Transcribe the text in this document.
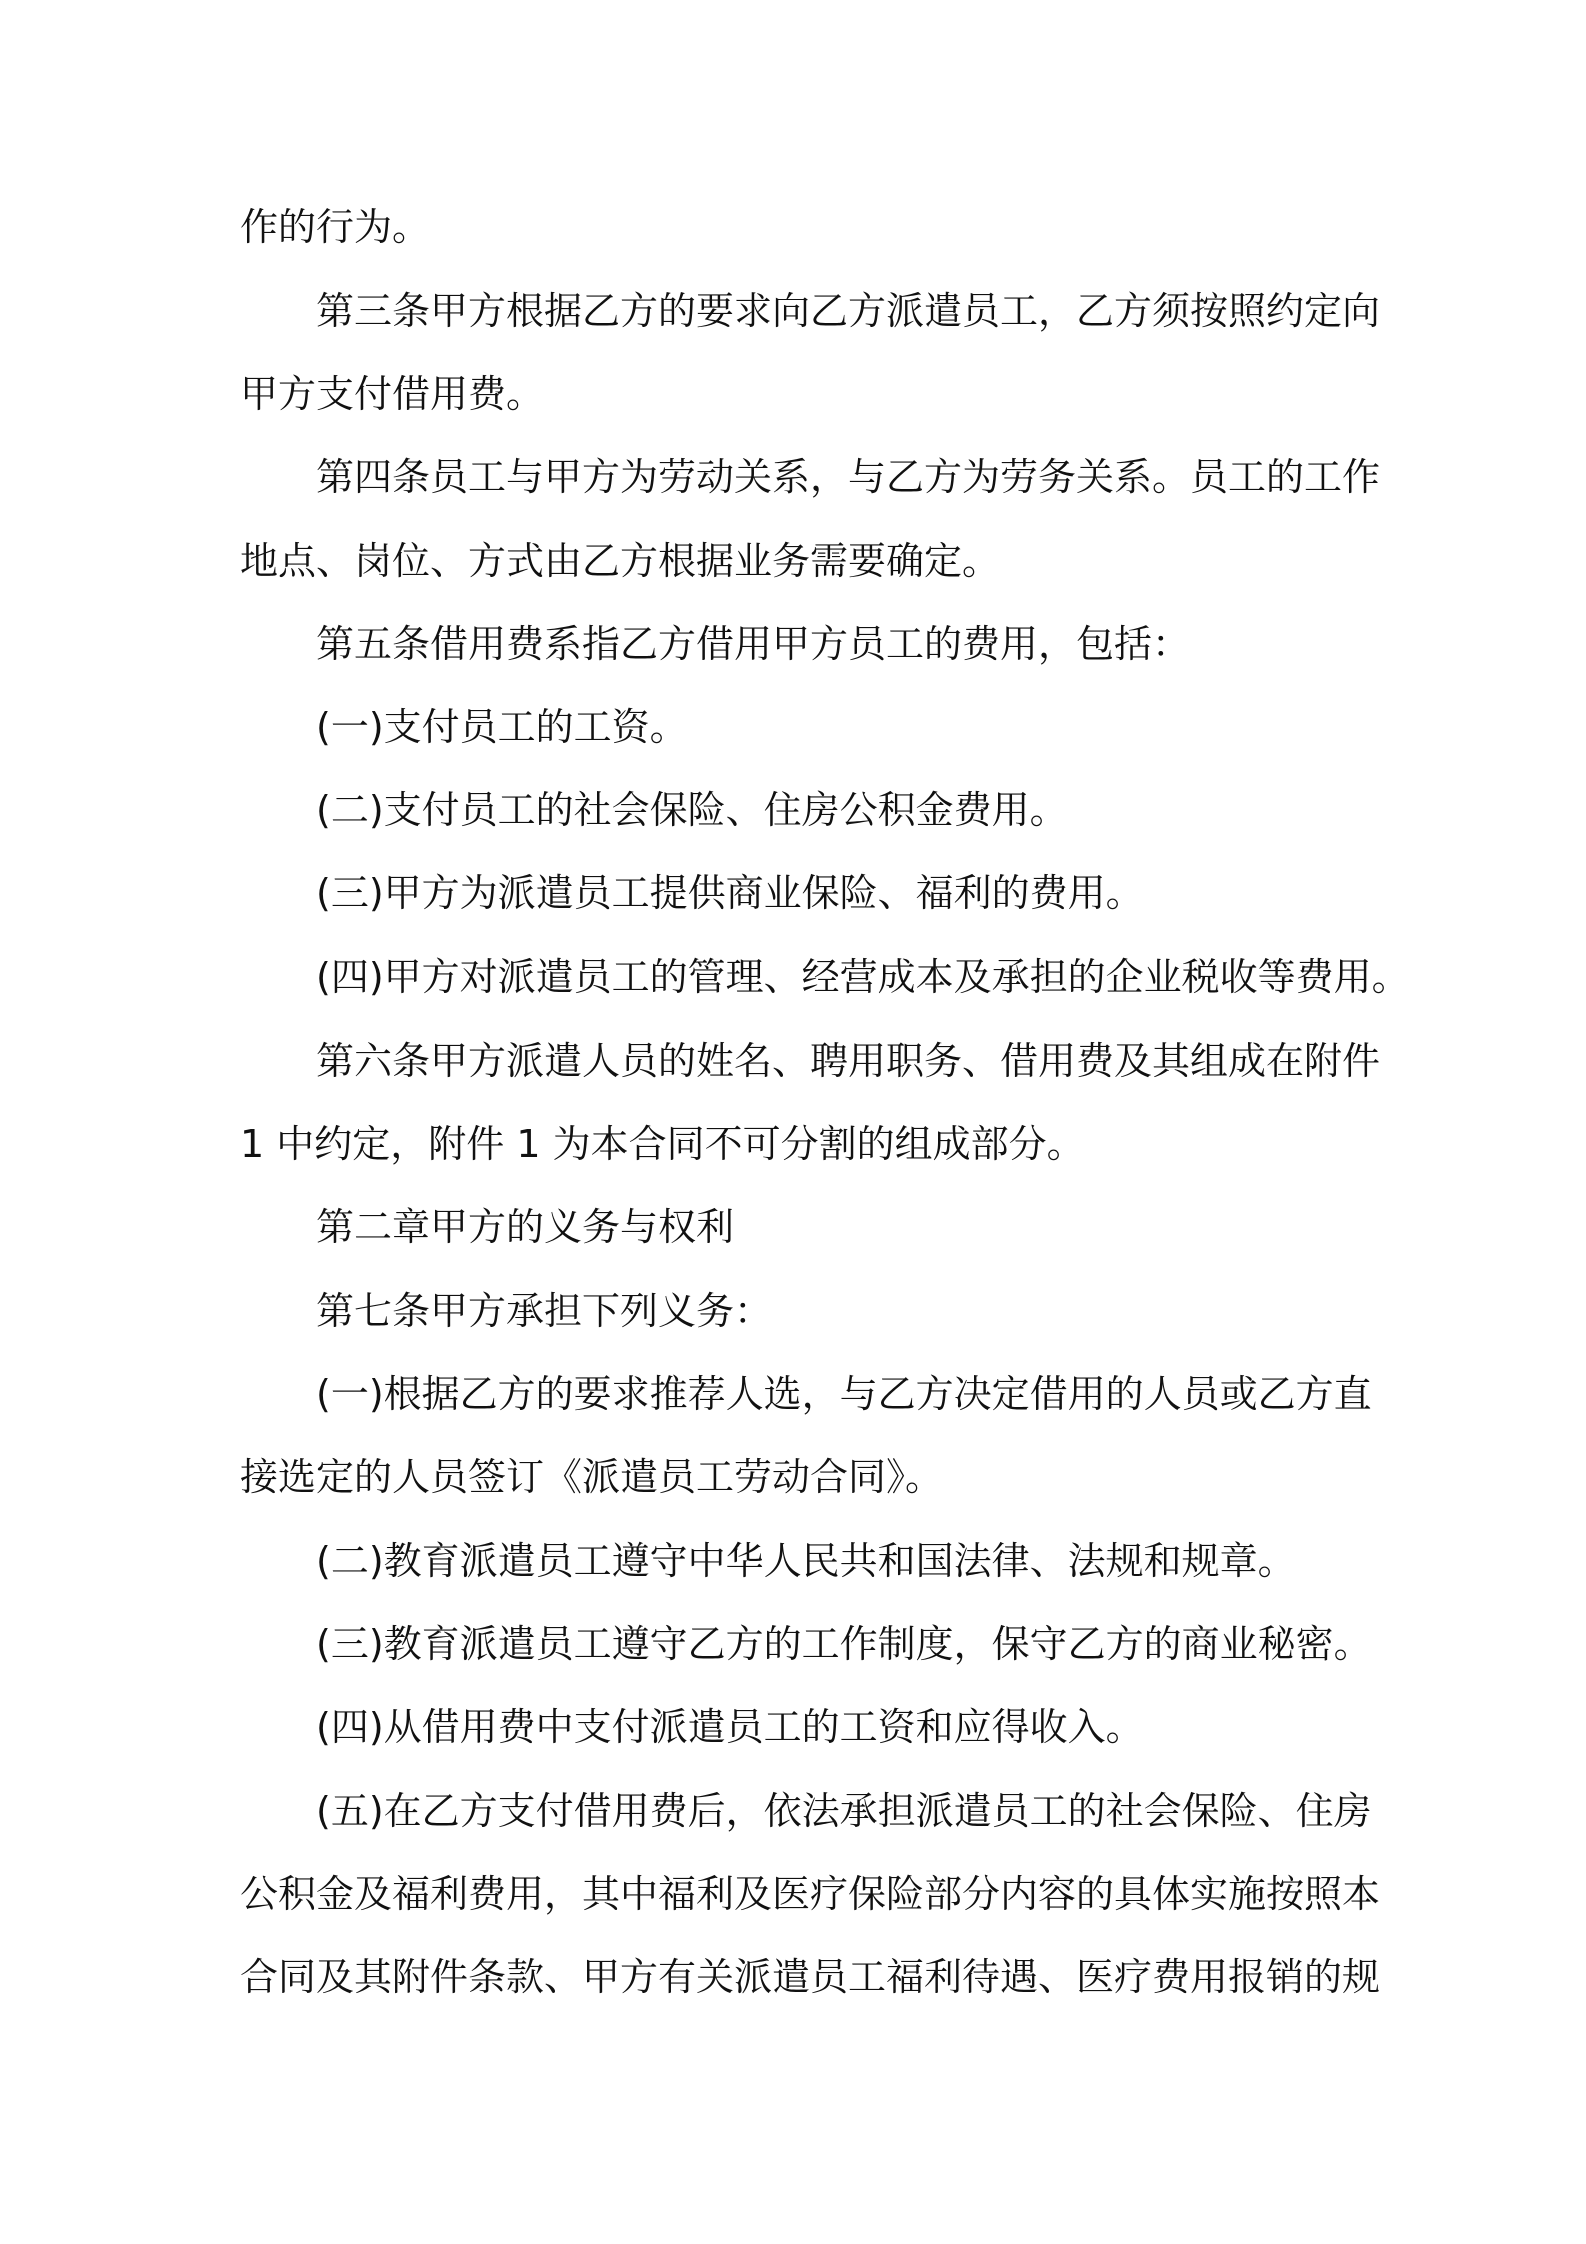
作的行为。
第三条甲方根据乙方的要求向乙方派遣员工，乙方须按照约定向
甲方支付借用费。
第四条员工与甲方为劳动关系，与乙方为劳务关系。员工的工作
地点、岗位、方式由乙方根据业务需要确定。
第五条借用费系指乙方借用甲方员工的费用，包括：
(一)支付员工的工资。
(二)支付员工的社会保险、住房公积金费用。
(三)甲方为派遣员工提供商业保险、福利的费用。
(四)甲方对派遣员工的管理、经营成本及承担的企业税收等费用。
第六条甲方派遣人员的姓名、聘用职务、借用费及其组成在附件
1 中约定，附件 1 为本合同不可分割的组成部分。
第二章甲方的义务与权利
第七条甲方承担下列义务：
(一)根据乙方的要求推荐人选，与乙方决定借用的人员或乙方直
接选定的人员签订《派遣员工劳动合同》。
(二)教育派遣员工遵守中华人民共和国法律、法规和规章。
(三)教育派遣员工遵守乙方的工作制度，保守乙方的商业秘密。
(四)从借用费中支付派遣员工的工资和应得收入。
(五)在乙方支付借用费后，依法承担派遣员工的社会保险、住房
公积金及福利费用，其中福利及医疗保险部分内容的具体实施按照本
合同及其附件条款、甲方有关派遣员工福利待遇、医疗费用报销的规
